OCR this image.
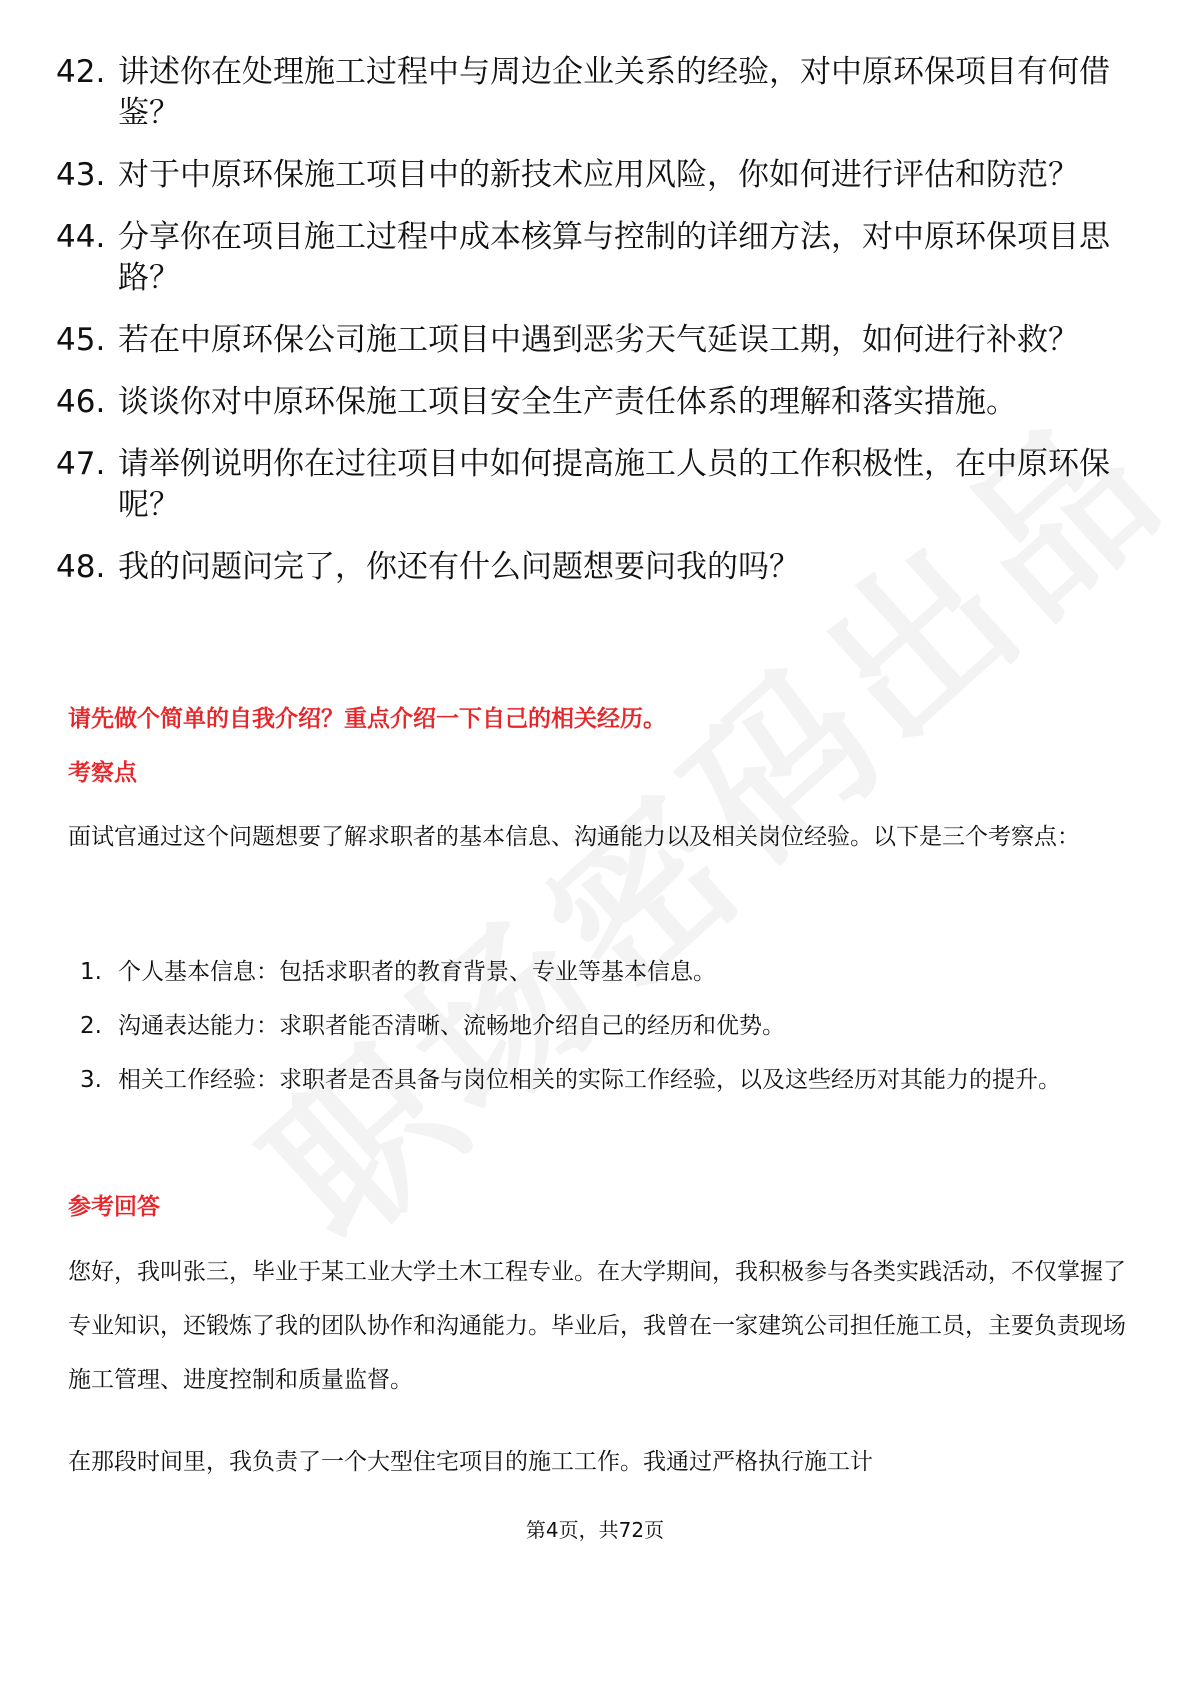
42. 讲述你在处理施工过程中与周边企业关系的经验，对中原环保项目有何借鉴？
43. 对于中原环保施工项目中的新技术应用风险，你如何进行评估和防范？
44. 分享你在项目施工过程中成本核算与控制的详细方法，对中原环保项目思路？
45. 若在中原环保公司施工项目中遇到恶劣天气延误工期，如何进行补救？
46. 谈谈你对中原环保施工项目安全生产责任体系的理解和落实措施。
47. 请举例说明你在过往项目中如何提高施工人员的工作积极性，在中原环保呢？
48. 我的问题问完了，你还有什么问题想要问我的吗？
请先做个简单的自我介绍？重点介绍一下自己的相关经历。
考察点

面试官通过这个问题想要了解求职者的基本信息、沟通能力以及相关岗位经验。以下是三个考察点：

1. 个人基本信息：包括求职者的教育背景、专业等基本信息。
2. 沟通表达能力：求职者能否清晰、流畅地介绍自己的经历和优势。
3. 相关工作经验：求职者是否具备与岗位相关的实际工作经验，以及这些经历对其能力的提升。
参考回答

您好，我叫张三，毕业于某工业大学土木工程专业。在大学期间，我积极参与各类实践活动，不仅掌握了专业知识，还锻炼了我的团队协作和沟通能力。毕业后，我曾在一家建筑公司担任施工员，主要负责现场施工管理、进度控制和质量监督。

在那段时间里，我负责了一个大型住宅项目的施工工作。我通过严格执行施工计

第4页，共72页
